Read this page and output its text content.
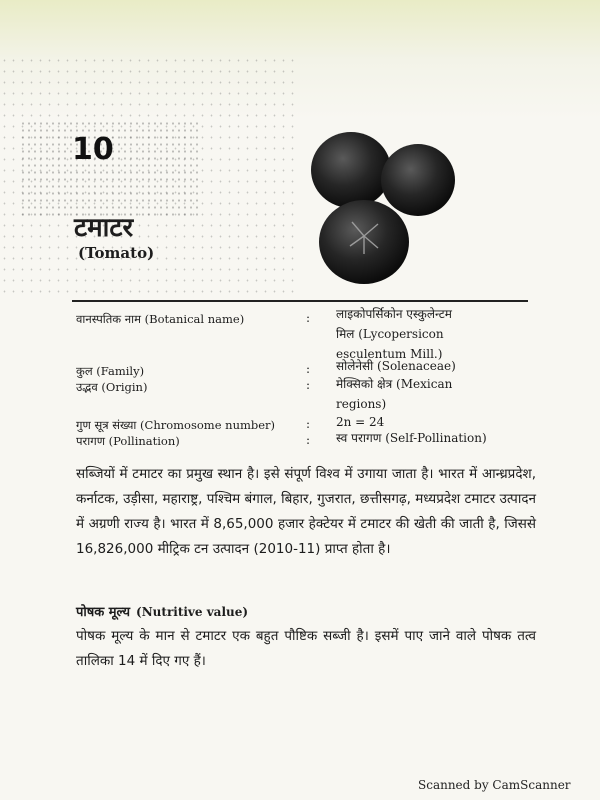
10
टमाटर
(Tomato)
वानस्पतिक नाम (Botanical name)	: लाइकोपर्सिकोन एस्कुलेन्टम
मिल (Lycopersicon
esculentum Mill.)
कुल (Family)	: सोलेनेसी (Solenaceae)
उद्भव (Origin)	: मेक्सिको क्षेत्र (Mexican
regions)
गुण सूत्र संख्या (Chromosome number)	: 2n = 24
परागण (Pollination)	: स्व परागण (Self-Pollination)
सब्जियों में टमाटर का प्रमुख स्थान है। इसे संपूर्ण विश्व में उगाया जाता है। भारत में आन्ध्रप्रदेश, कर्नाटक, उड़ीसा, महाराष्ट्र, पश्चिम बंगाल, बिहार, गुजरात, छत्तीसगढ़, मध्यप्रदेश टमाटर उत्पादन में अग्रणी राज्य है। भारत में 8,65,000 हजार हेक्टेयर में टमाटर की खेती की जाती है, जिससे 16,826,000 मीट्रिक टन उत्पादन (2010-11) प्राप्त होता है।
पोषक मूल्य (Nutritive value)
पोषक मूल्य के मान से टमाटर एक बहुत पौष्टिक सब्जी है। इसमें पाए जाने वाले पोषक तत्व तालिका 14 में दिए गए हैं।
Scanned by CamScanner
